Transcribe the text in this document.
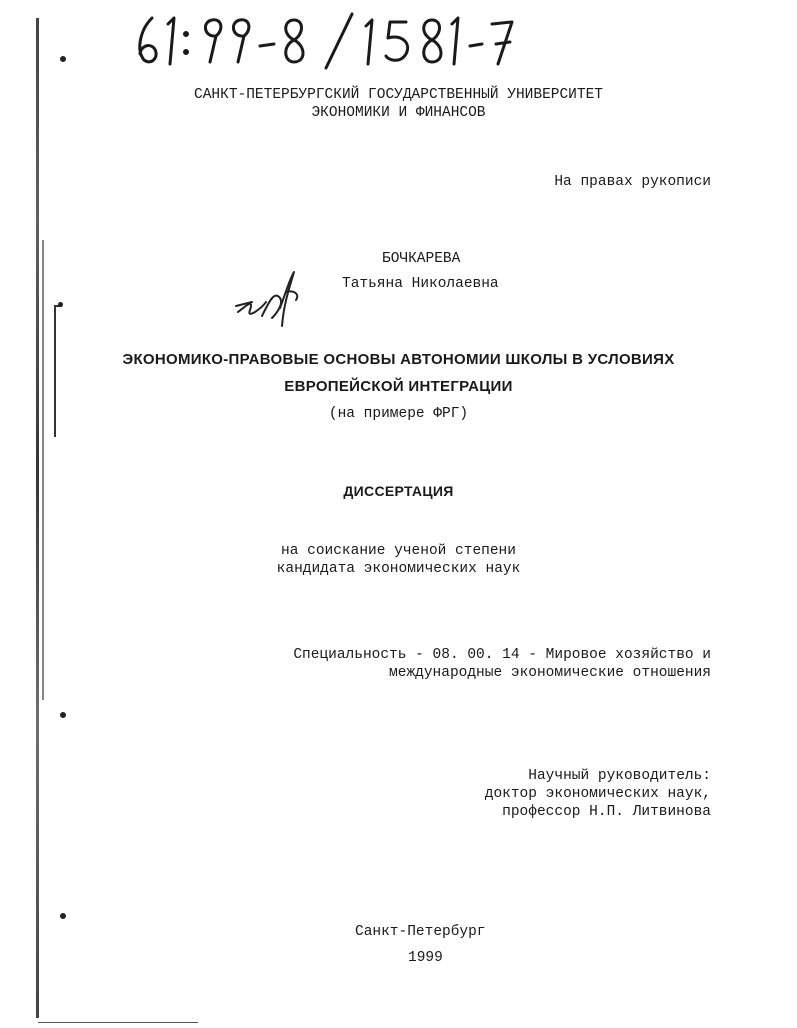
САНКТ-ПЕТЕРБУРГСКИЙ ГОСУДАРСТВЕННЫЙ УНИВЕРСИТЕТ
ЭКОНОМИКИ И ФИНАНСОВ
На правах рукописи
БОЧКАРЕВА
Татьяна Николаевна
ЭКОНОМИКО-ПРАВОВЫЕ ОСНОВЫ АВТОНОМИИ ШКОЛЫ В УСЛОВИЯХ
ЕВРОПЕЙСКОЙ ИНТЕГРАЦИИ
(на примере ФРГ)
ДИССЕРТАЦИЯ
на соискание ученой степени
кандидата экономических наук
Специальность - 08. 00. 14 - Мировое хозяйство и
международные экономические отношения
Научный руководитель:
доктор экономических наук,
профессор Н.П. Литвинова
Санкт-Петербург
1999
